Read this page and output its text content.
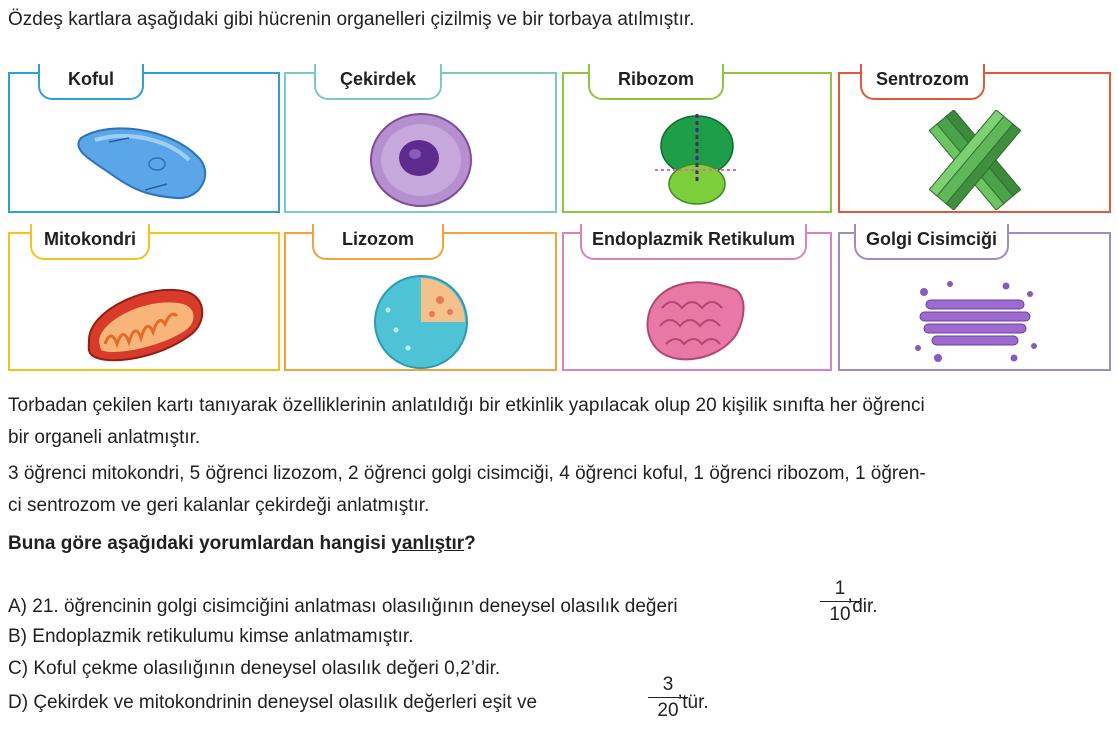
Özdeş kartlara aşağıdaki gibi hücrenin organelleri çizilmiş ve bir torbaya atılmıştır.
Koful	Çekirdek	Ribozom	Sentrozom
Mitokondri	Lizozom	Endoplazmik Retikulum	Golgi Cisimciği
Torbadan çekilen kartı tanıyarak özelliklerinin anlatıldığı bir etkinlik yapılacak olup 20 kişilik sınıfta her öğrenci
bir organeli anlatmıştır.
3 öğrenci mitokondri, 5 öğrenci lizozom, 2 öğrenci golgi cisimciği, 4 öğrenci koful, 1 öğrenci ribozom, 1 öğren-
ci sentrozom ve geri kalanlar çekirdeği anlatmıştır.
Buna göre aşağıdaki yorumlardan hangisi yanlıştır?
A) 21. öğrencinin golgi cisimciğini anlatması olasılığının deneysel olasılık değeri
1
10
’dir.
B) Endoplazmik retikulumu kimse anlatmamıştır.
C) Koful çekme olasılığının deneysel olasılık değeri 0,2’dir.
D) Çekirdek ve mitokondrinin deneysel olasılık değerleri eşit ve
3
20 ’tür.
